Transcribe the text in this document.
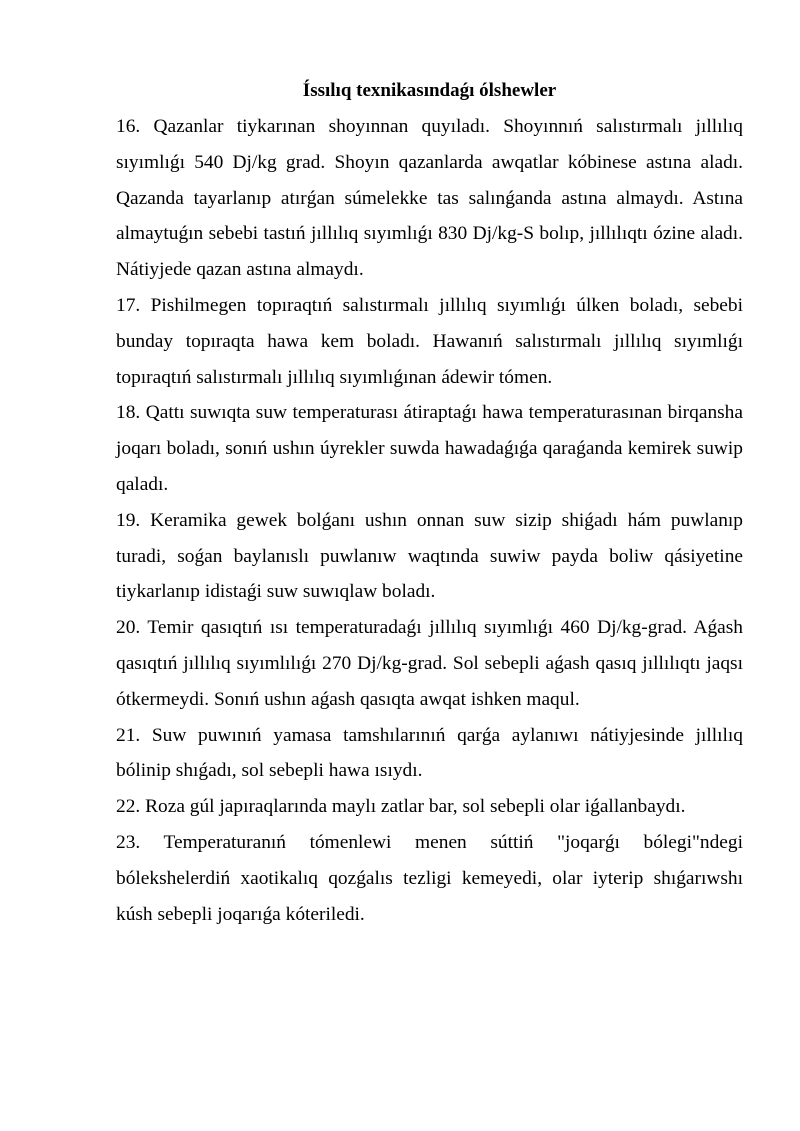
Íssılıq texnikasındaǵı ólshewler

16. Qazanlar tiykarınan shoyınnan quyıladı. Shoyınnıń salıstırmalı jıllılıq sıyımlıǵı 540 Dj/kg grad. Shoyın qazanlarda awqatlar kóbinese astına aladı. Qazanda tayarlanıp atırǵan súmelekke tas salınǵanda astına almaydı. Astına almaytuǵın sebebi tastıń jıllılıq sıyımlıǵı 830 Dj/kg-S bolıp, jıllılıqtı ózine aladı. Nátiyjede qazan astına almaydı.

17. Pishilmegen topıraqtıń salıstırmalı jıllılıq sıyımlıǵı úlken boladı, sebebi bunday topıraqta hawa kem boladı. Hawanıń salıstırmalı jıllılıq sıyımlıǵı topıraqtıń salıstırmalı jıllılıq sıyımlıǵınan ádewir tómen.

18. Qattı suwıqta suw temperaturası átiraptaǵı hawa temperaturasınan birqansha joqarı boladı, sonıń ushın úyrekler suwda hawadaǵıǵa qaraǵanda kemirek suwip qaladı.

19. Keramika gewek bolǵanı ushın onnan suw sizip shiǵadı hám puwlanıp turadi, soǵan baylanıslı puwlanıw waqtında suwiw payda boliw qásiyetine tiykarlanıp idistaǵi suw suwıqlaw boladı.

20. Temir qasıqtıń ısı temperaturadaǵı jıllılıq sıyımlıǵı 460 Dj/kg-grad. Aǵash qasıqtıń jıllılıq sıyımlılıǵı 270 Dj/kg-grad. Sol sebepli aǵash qasıq jıllılıqtı jaqsı ótkermeydi. Sonıń ushın aǵash qasıqta awqat ishken maqul.

21. Suw puwınıń yamasa tamshılarınıń qarǵa aylanıwı nátiyjesinde jıllılıq bólinip shıǵadı, sol sebepli hawa ısıydı.

22. Roza gúl japıraqlarında maylı zatlar bar, sol sebepli olar iǵallanbaydı.

23. Temperaturanıń tómenlewi menen súttiń "joqarǵı bólegi"ndegi bólekshelerdiń xaotikalıq qozǵalıs tezligi kemeyedi, olar iyterip shıǵarıwshı kúsh sebepli joqarıǵa kóteriledi.
